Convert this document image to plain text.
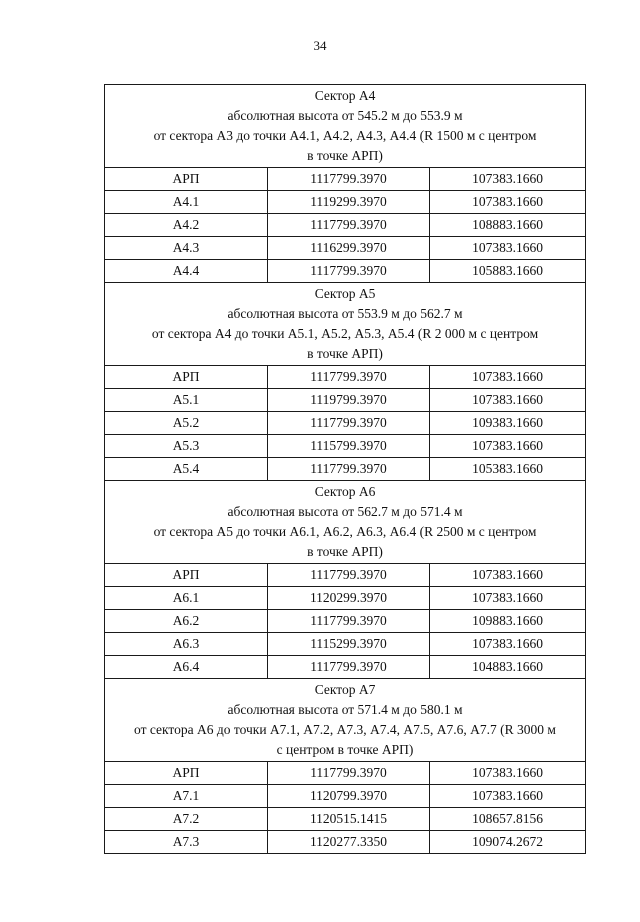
34
Сектор А4
абсолютная высота от 545.2 м до 553.9 м
от сектора А3 до точки А4.1, А4.2, А4.3, А4.4 (R 1500 м с центром
в точке АРП)		

АРП	1117799.3970	107383.1660
А4.1	1119299.3970	107383.1660
А4.2	1117799.3970	108883.1660
А4.3	1116299.3970	107383.1660
А4.4	1117799.3970	105883.1660

Сектор А5
абсолютная высота от 553.9 м до 562.7 м
от сектора А4 до точки А5.1, А5.2, А5.3, А5.4 (R 2 000 м с центром
в точке АРП)		

АРП	1117799.3970	107383.1660
А5.1	1119799.3970	107383.1660
А5.2	1117799.3970	109383.1660
А5.3	1115799.3970	107383.1660
А5.4	1117799.3970	105383.1660

Сектор А6
абсолютная высота от 562.7 м до 571.4 м
от сектора А5 до точки А6.1, А6.2, А6.3, А6.4 (R 2500 м с центром
в точке АРП)		

АРП	1117799.3970	107383.1660
А6.1	1120299.3970	107383.1660
А6.2	1117799.3970	109883.1660
А6.3	1115299.3970	107383.1660
А6.4	1117799.3970	104883.1660

Сектор А7
абсолютная высота от 571.4 м до 580.1 м
от сектора А6 до точки А7.1, А7.2, А7.3, А7.4, А7.5, А7.6, А7.7 (R 3000 м
с центром в точке АРП)		

АРП	1117799.3970	107383.1660
А7.1	1120799.3970	107383.1660
А7.2	1120515.1415	108657.8156
А7.3	1120277.3350	109074.2672
